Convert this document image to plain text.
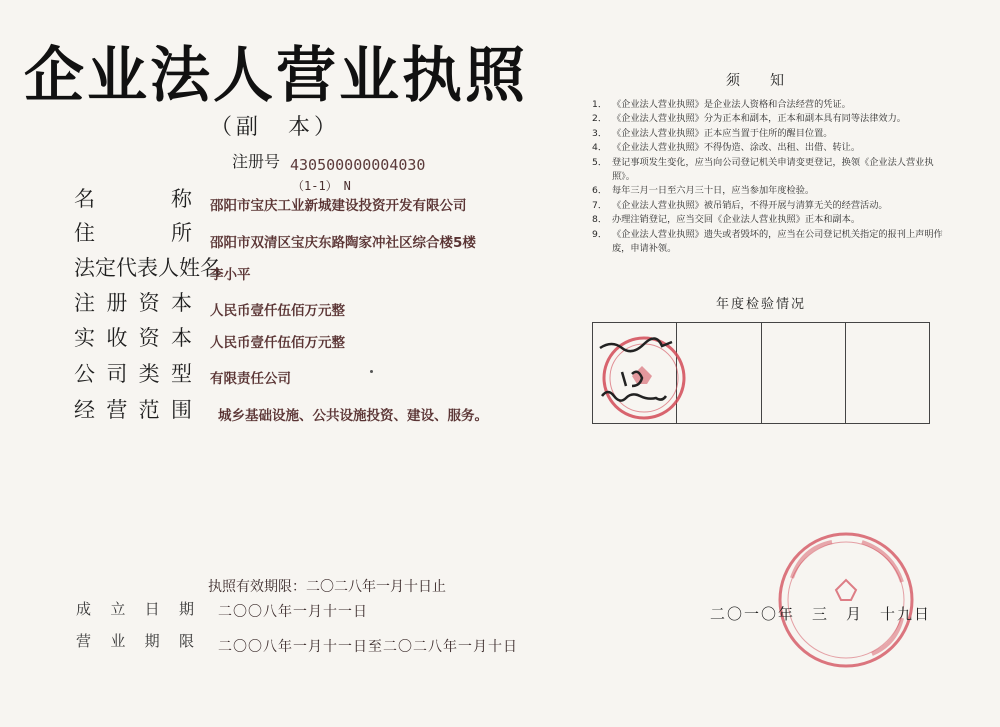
企业法人营业执照
（副　本）
注册号 430500000004030
（1-1）　N
名	称 邵阳市宝庆工业新城建设投资开发有限公司
住	所 邵阳市双清区宝庆东路陶家冲社区综合楼5楼
法定代表人姓名
李小平
注 册 资 本 人民币壹仟伍佰万元整
实 收 资 本 人民币壹仟伍佰万元整
公 司 类 型 有限责任公司
经 营 范 围 城乡基础设施、公共设施投资、建设、服务。
执照有效期限：二〇二八年一月十日止
成 立 日 期 二〇〇八年一月十一日
营 业 期 限 二〇〇八年一月十一日至二〇二八年一月十日
须知
1． 《企业法人营业执照》是企业法人资格和合法经营的凭证。
2． 《企业法人营业执照》分为正本和副本，正本和副本具有同等法律效力。
3． 《企业法人营业执照》正本应当置于住所的醒目位置。
4． 《企业法人营业执照》不得伪造、涂改、出租、出借、转让。
5． 登记事项发生变化，应当向公司登记机关申请变更登记，换领《企业法人营业执照》。
6． 每年三月一日至六月三十日，应当参加年度检验。
7． 《企业法人营业执照》被吊销后，不得开展与清算无关的经营活动。
8． 办理注销登记，应当交回《企业法人营业执照》正本和副本。
9． 《企业法人营业执照》遗失或者毁坏的，应当在公司登记机关指定的报刊上声明作废，申请补领。
年度检验情况
二〇一〇年　三　月　十九日
